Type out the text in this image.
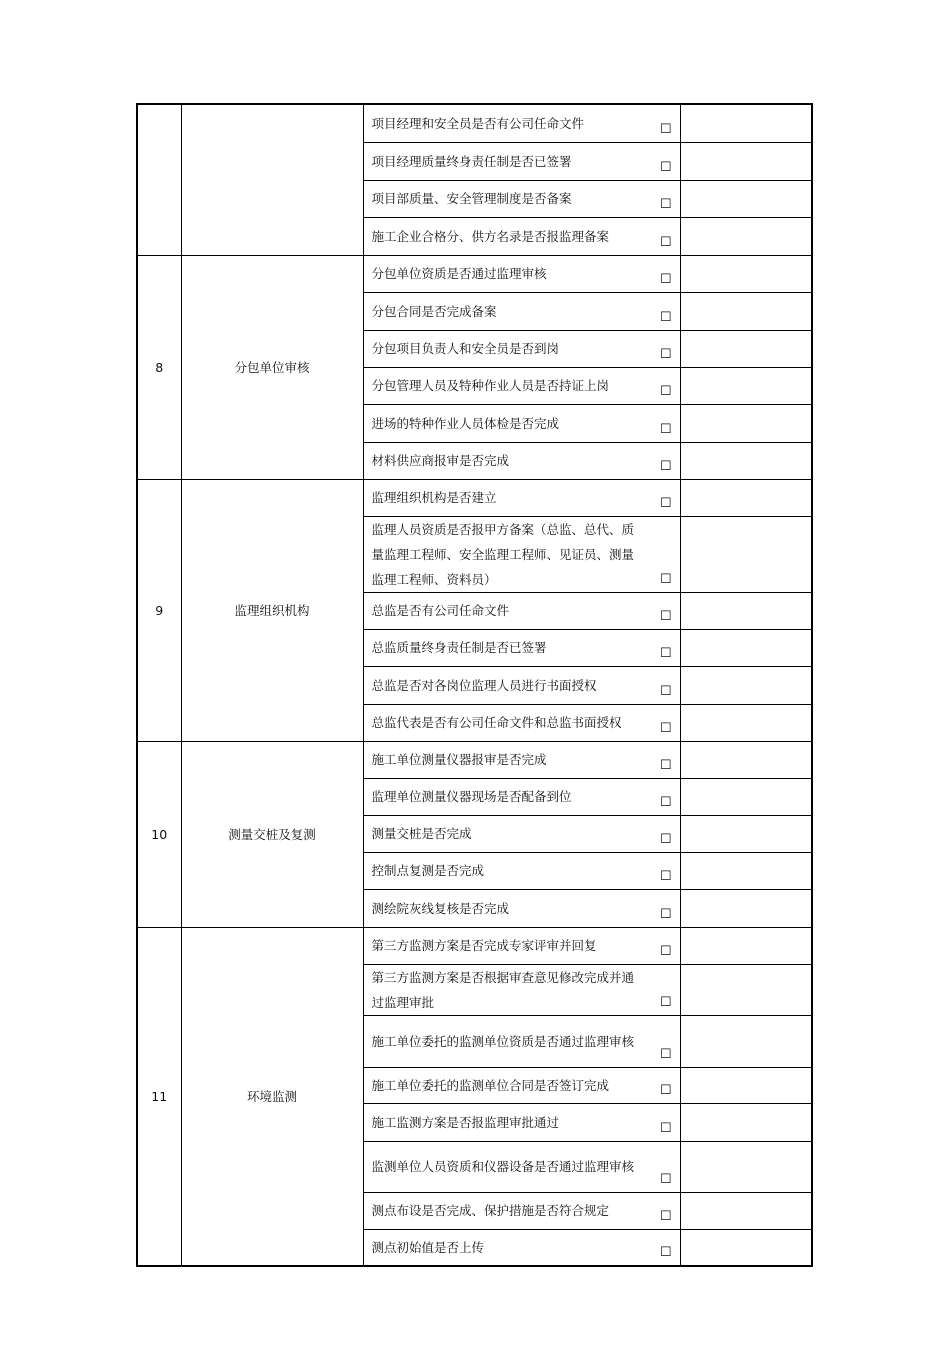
		项目经理和安全员是否有公司任命文件 ☐	

		项目经理质量终身责任制是否已签署 ☐	

		项目部质量、安全管理制度是否备案 ☐	

		施工企业合格分、供方名录是否报监理备案 ☐	

8	分包单位审核	分包单位资质是否通过监理审核 ☐	

		分包合同是否完成备案 ☐	

		分包项目负责人和安全员是否到岗 ☐	

		分包管理人员及特种作业人员是否持证上岗 ☐	

		进场的特种作业人员体检是否完成 ☐	

		材料供应商报审是否完成 ☐	

9	监理组织机构	监理组织机构是否建立 ☐	

		监理人员资质是否报甲方备案（总监、总代、质量监理工程师、安全监理工程师、见证员、测量监理工程师、资料员） ☐	

		总监是否有公司任命文件 ☐	

		总监质量终身责任制是否已签署 ☐	

		总监是否对各岗位监理人员进行书面授权 ☐	

		总监代表是否有公司任命文件和总监书面授权 ☐	

10	测量交桩及复测	施工单位测量仪器报审是否完成 ☐	

		监理单位测量仪器现场是否配备到位 ☐	

		测量交桩是否完成 ☐	

		控制点复测是否完成 ☐	

		测绘院灰线复核是否完成 ☐	

11	环境监测	第三方监测方案是否完成专家评审并回复 ☐	

		第三方监测方案是否根据审查意见修改完成并通过监理审批 ☐	

		施工单位委托的监测单位资质是否通过监理审核
☐	

		施工单位委托的监测单位合同是否签订完成 ☐	

		施工监测方案是否报监理审批通过 ☐	

		监测单位人员资质和仪器设备是否通过监理审核
☐	

		测点布设是否完成、保护措施是否符合规定 ☐	

		测点初始值是否上传 ☐	
